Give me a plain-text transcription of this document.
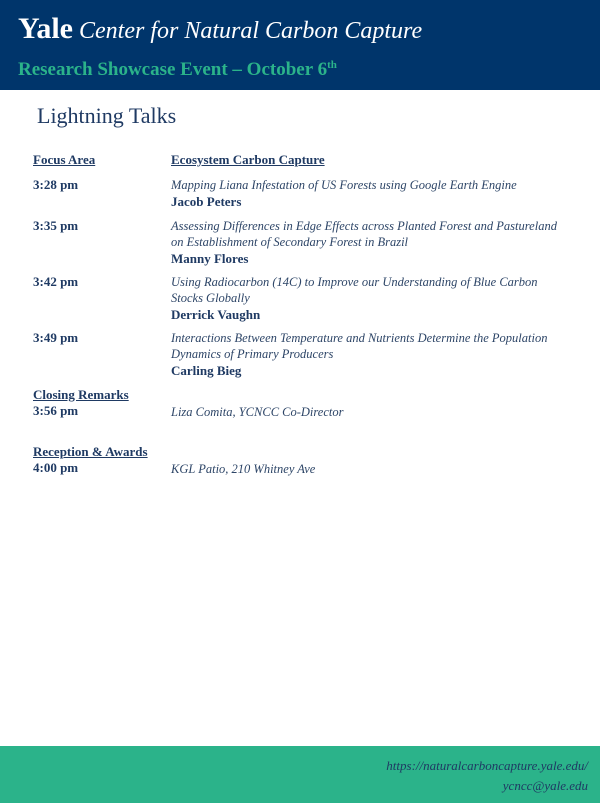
Yale Center for Natural Carbon Capture
Research Showcase Event – October 6th
Lightning Talks
Focus Area	Ecosystem Carbon Capture
3:28 pm	Mapping Liana Infestation of US Forests using Google Earth Engine
Jacob Peters
3:35 pm	Assessing Differences in Edge Effects across Planted Forest and Pastureland on Establishment of Secondary Forest in Brazil
Manny Flores
3:42 pm	Using Radiocarbon (14C) to Improve our Understanding of Blue Carbon Stocks Globally
Derrick Vaughn
3:49 pm	Interactions Between Temperature and Nutrients Determine the Population Dynamics of Primary Producers
Carling Bieg
Closing Remarks
3:56 pm	Liza Comita, YCNCC Co-Director
Reception & Awards
4:00 pm	KGL Patio, 210 Whitney Ave
https://naturalcarboncapture.yale.edu/
ycncc@yale.edu
